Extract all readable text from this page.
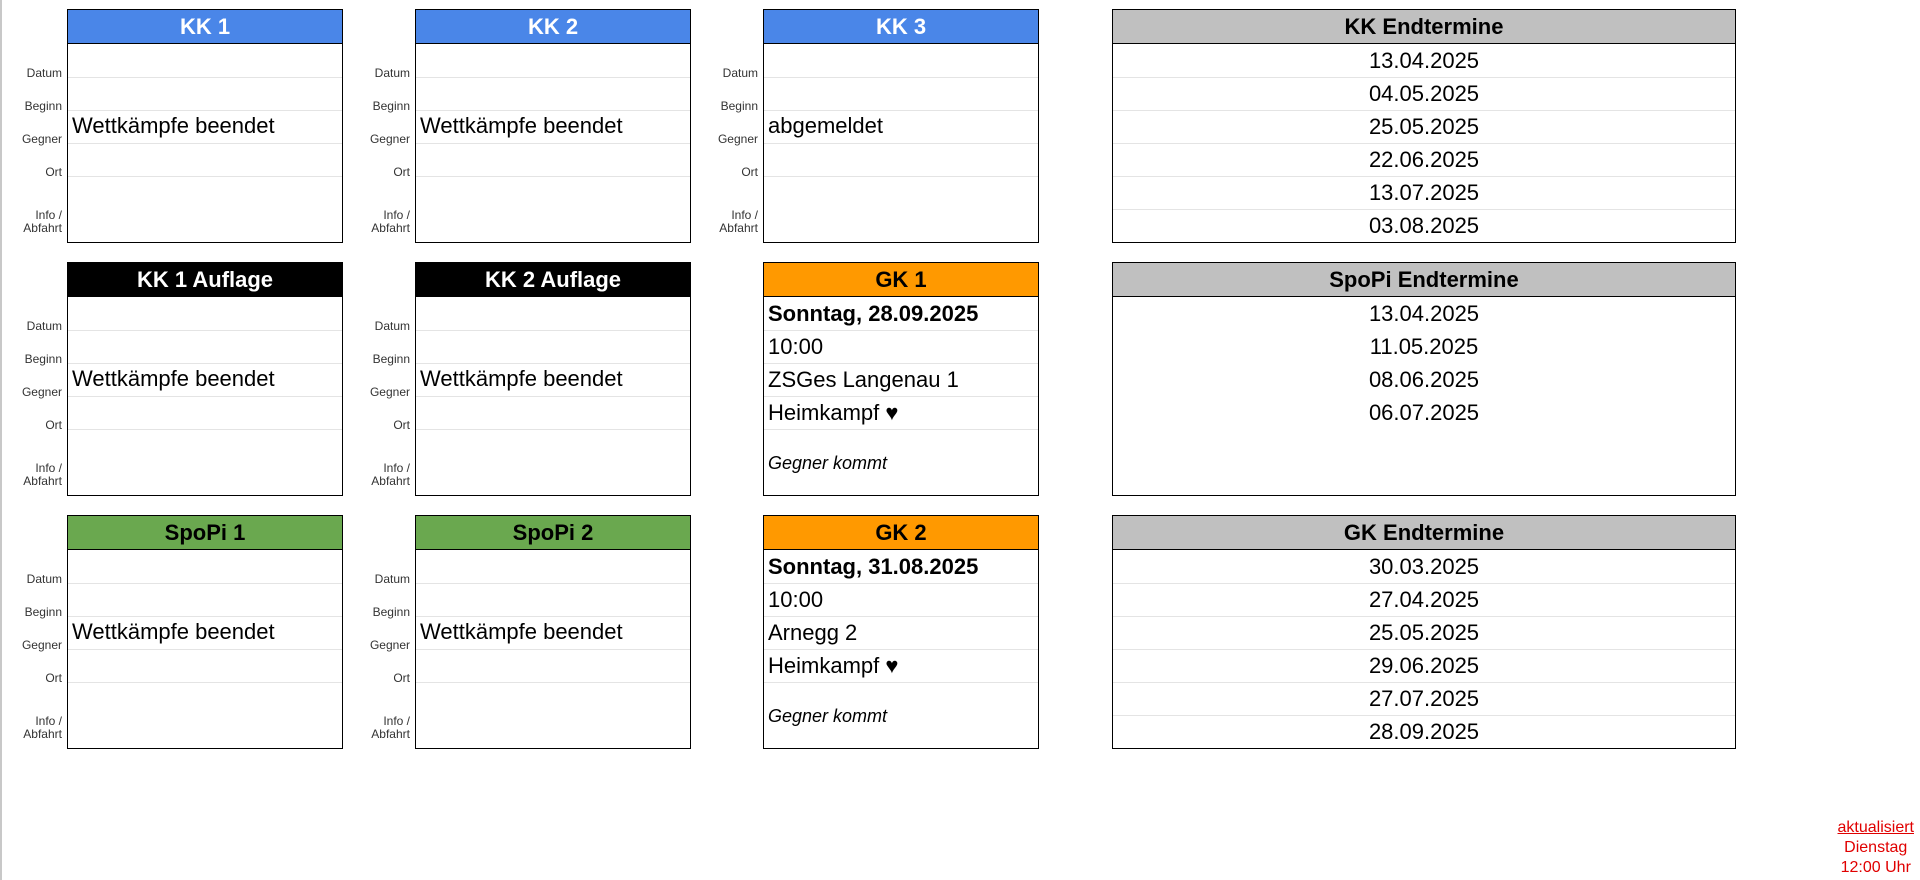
KK 1
Datum
Beginn
Gegner
Ort
Info /
Abfahrt
Wettkämpfe beendet
KK 2
Datum
Beginn
Gegner
Ort
Info /
Abfahrt
Wettkämpfe beendet
KK 3
Datum
Beginn
Gegner
Ort
Info /
Abfahrt
abgemeldet
KK Endtermine
13.04.2025
04.05.2025
25.05.2025
22.06.2025
13.07.2025
03.08.2025
KK 1 Auflage
Datum
Beginn
Gegner
Ort
Info /
Abfahrt
Wettkämpfe beendet
KK 2 Auflage
Datum
Beginn
Gegner
Ort
Info /
Abfahrt
Wettkämpfe beendet
GK 1
Sonntag, 28.09.2025
10:00
ZSGes Langenau 1
Heimkampf ♥
Gegner kommt
SpoPi Endtermine
13.04.2025
11.05.2025
08.06.2025
06.07.2025
SpoPi 1
Datum
Beginn
Gegner
Ort
Info /
Abfahrt
Wettkämpfe beendet
SpoPi 2
Datum
Beginn
Gegner
Ort
Info /
Abfahrt
Wettkämpfe beendet
GK 2
Sonntag, 31.08.2025
10:00
Arnegg 2
Heimkampf ♥
Gegner kommt
GK Endtermine
30.03.2025
27.04.2025
25.05.2025
29.06.2025
27.07.2025
28.09.2025
aktualisiert
Dienstag
12:00 Uhr
